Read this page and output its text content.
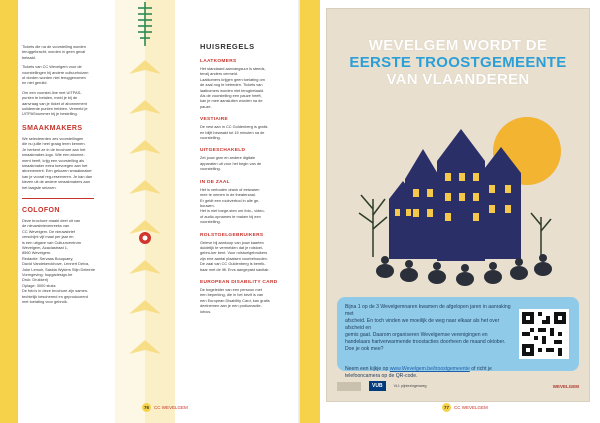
Tickets die na de voorstelling worden
teruggebracht, worden in geen geval
betaald.

Tickets van CC Wevelgem voor de
voorstellingen bij andere cultuurhuizen
of dorden worden niet teruggenomen
en niet geruild.

Om een voorstel-line met UITPAS-
punten te betalen, meld je bij de
aanvraag van je ticket of abonnement
solideerde punten hebben. Vermeld je
UITPASnummer bij je bestelling.

SMAAKMAKERS

We selecteerden zes voorstellingen
die nu jullie heel graag leren kennen.
Je herkent ze in de brochure aan het
smaakmaker-logo. Wie een abonne-
ment heeft, krijg een voorstelling als
smaakmaker extra toevoegen aan het
abonnement. Een gekozen smaakmaker
kan je vooraf reg-reserveren. Je kan dan
kiezen uit de andere smaakmakers aan
het laagste seizoen.

COLOFON

Deze brochure maakt deel uit van
de nieuwsbrievenreeks van
CC Wevelgem. De nieuwsbrief
verschijnt vijf maal per jaar en
is een uitgave van Cultuurcentrum
Wevelgem, Acaciastraat 1,
8560 Wevelgem.
Redactie: Servaas Bouquaey,
David Vandekerckhove, Lennert Delva,
Joke Lemoir, Saskia Wykers Stijn Deleerie
Vormgeving: hupgadesign.be
Druk: Drukkerij
Oplage: 3000 stuks
De foto's in deze brochure zijn samen-
techtelijk beschermd en geproduceerd
met toelating voor gebruik.

HUISREGELS
LAATKOMERS

Het standaard aanvangsuur is steeds,
tenzij anders vermeld.
Laatkomers krijgen geen toelating om
de zaal nog te betreden. Tickets van
laatkomers worden niet terugbetaald.
Als de voorstelling een pauze heeft,
kan je mee aansluiten worden na de
pauze.

VESTIAIRE

De vest aan in CC Guldenberg is gratis
en blijft bewaakt tot 15 minuten na de
voorstelling.

UITGESCHAKELD

Zet jouw gsm en andere digitale
apparaten uit voor het begin van de
voorstelling.

IN DE ZAAL

Het is verboden drank of eetwaren
mee te nemen in de theaterzaal.
Er geldt een rookverbod in alle ge-
bouwen.
Het is niet toege-sten om foto-, video-
of audio-opnames te maken bij een
voorstelling.

ROLSTOELGEBRUIKERS

Geleve bij aankoop van jouw kaarten
duidelijk te vermelden dat je rolstoel-
gebru-ker bent. Voor rolstoelgebruikers
zijn ene aantal plaatsen voorbehouden.
De zaal van CC Guldenberg is bereik-
baar met de lift. Ervs aangepast sanitair.

EUROPEAN DISABILITY CARD

De begeleider van een persoon met
een beperking, die in het bezit is van
een European Disability Card, kan gratis
deelnemen aan je een podiumactie-
lotvus.

76	CC WEVELGEM
WEVELGEM WORDT DE
EERSTE TROOSTGEMEENTE
VAN VLAANDEREN

Bijna 1 op de 3 Wevelgemnaren kwamen de afgelopen jaren in aanraking met
afscheid. En toch vinden we moeilijk de weg naar elkaar als het over afscheid en
gemis gaat. Daarom organiseren Wevelgemse verenigingen en
handelaars hartverwarmende troostacties doorheen de maand oktober.
Doe je ook mee?

Neem een kijkje op www.Wevelgem.be/troostgemeente of richt je
telefooncamera op de QR-code.

VUB	VLI: pijnlezingenweg	WEVELGEM
77	CC WEVELGEM
